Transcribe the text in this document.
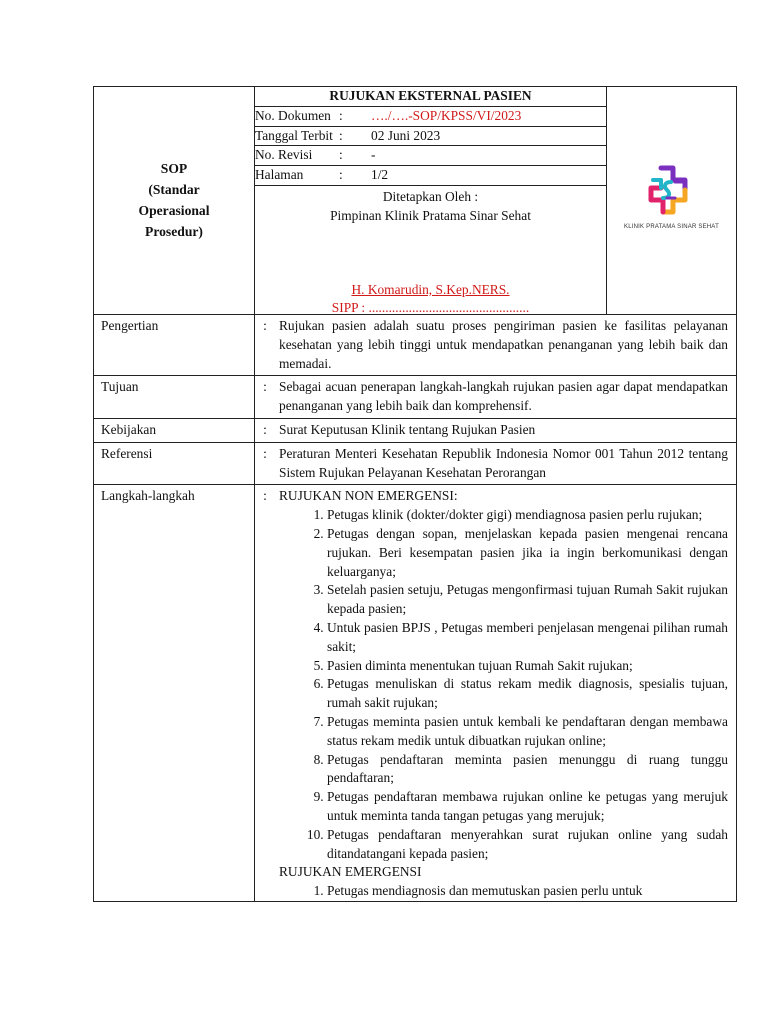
SOP
(Standar
Operasional
Prosedur)

RUJUKAN EKSTERNAL PASIEN
No. Dokumen	:	…./….-SOP/KPSS/VI/2023
Tanggal Terbit	:	02 Juni 2023
No. Revisi	:	-
Halaman	:	1/2
Ditetapkan Oleh :
Pimpinan Klinik Pratama Sinar Sehat
H. Komarudin, S.Kep.NERS.
SIPP : ................................................

KLINIK PRATAMA SINAR SEHAT

Pengertian		:	Rujukan pasien adalah suatu proses pengiriman pasien ke fasilitas pelayanan kesehatan yang lebih tinggi untuk mendapatkan penanganan yang lebih baik dan memadai.

Tujuan		:	Sebagai acuan penerapan langkah-langkah rujukan pasien agar dapat mendapatkan penanganan yang lebih baik dan komprehensif.

Kebijakan		:	Surat Keputusan Klinik tentang Rujukan Pasien

Referensi		:	Peraturan Menteri Kesehatan Republik Indonesia Nomor 001 Tahun 2012 tentang Sistem Rujukan Pelayanan Kesehatan Perorangan

Langkah-langkah		:	RUJUKAN NON EMERGENSI:
1. Petugas klinik (dokter/dokter gigi) mendiagnosa pasien perlu rujukan;
2. Petugas dengan sopan, menjelaskan kepada pasien mengenai rencana rujukan. Beri kesempatan pasien jika ia ingin berkomunikasi dengan keluarganya;
3. Setelah pasien setuju, Petugas mengonfirmasi tujuan Rumah Sakit rujukan kepada pasien;
4. Untuk pasien BPJS , Petugas memberi penjelasan mengenai pilihan rumah sakit;
5. Pasien diminta menentukan tujuan Rumah Sakit rujukan;
6. Petugas menuliskan di status rekam medik diagnosis, spesialis tujuan, rumah sakit rujukan;
7. Petugas meminta pasien untuk kembali ke pendaftaran dengan membawa status rekam medik untuk dibuatkan rujukan online;
8. Petugas pendaftaran meminta pasien menunggu di ruang tunggu pendaftaran;
9. Petugas pendaftaran membawa rujukan online ke petugas yang merujuk untuk meminta tanda tangan petugas yang merujuk;
10. Petugas pendaftaran menyerahkan surat rujukan online yang sudah ditandatangani kepada pasien;
RUJUKAN EMERGENSI
1. Petugas mendiagnosis dan memutuskan pasien perlu untuk
